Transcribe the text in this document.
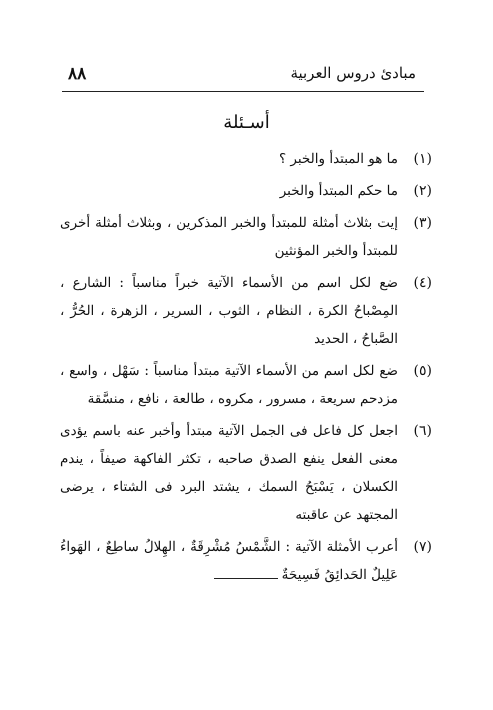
٨٨	مبادئ دروس العربية
أسـئلة
(١)
ما هو المبتدأ والخبر ؟
(٢)
ما حكم المبتدأ والخبر
(٣)
إيت بثلاث أمثلة للمبتدأ والخبر المذكرين ، وبثلاث أمثلة أخرى للمبتدأ والخبر المؤنثين
(٤)
ضع لكل اسم من الأسماء الآتية خبراً مناسباً : الشارع ، المِصْباحُ الكرة ، النظام ، الثوب ، السرير ، الزهرة ، الحُرُّ ، الصَّباحُ ، الحديد
(٥)
ضع لكل اسم من الأسماء الآتية مبتدأ مناسباً : سَهْل ، واسع ، مزدحم سريعة ، مسرور ، مكروه ، طالعة ، نافع ، منسَّقة
(٦)
اجعل كل فاعل فى الجمل الآتية مبتدأ وأخبر عنه باسم يؤدى معنى الفعل ينفع الصدق صاحبه ، تكثر الفاكهة صيفاً ، يندم الكسلان ، يَسْبَحُ السمك ، يشتد البرد فى الشتاء ، يرضى المجتهد عن عاقبته
(٧)
أعرب الأمثلة الآتية : الشَّمْسُ مُشْرِقَةٌ ، الهِلالُ ساطِعٌ ، الهَواءُ عَلِيلٌ الحَدائِقُ فَسِيحَةٌ
